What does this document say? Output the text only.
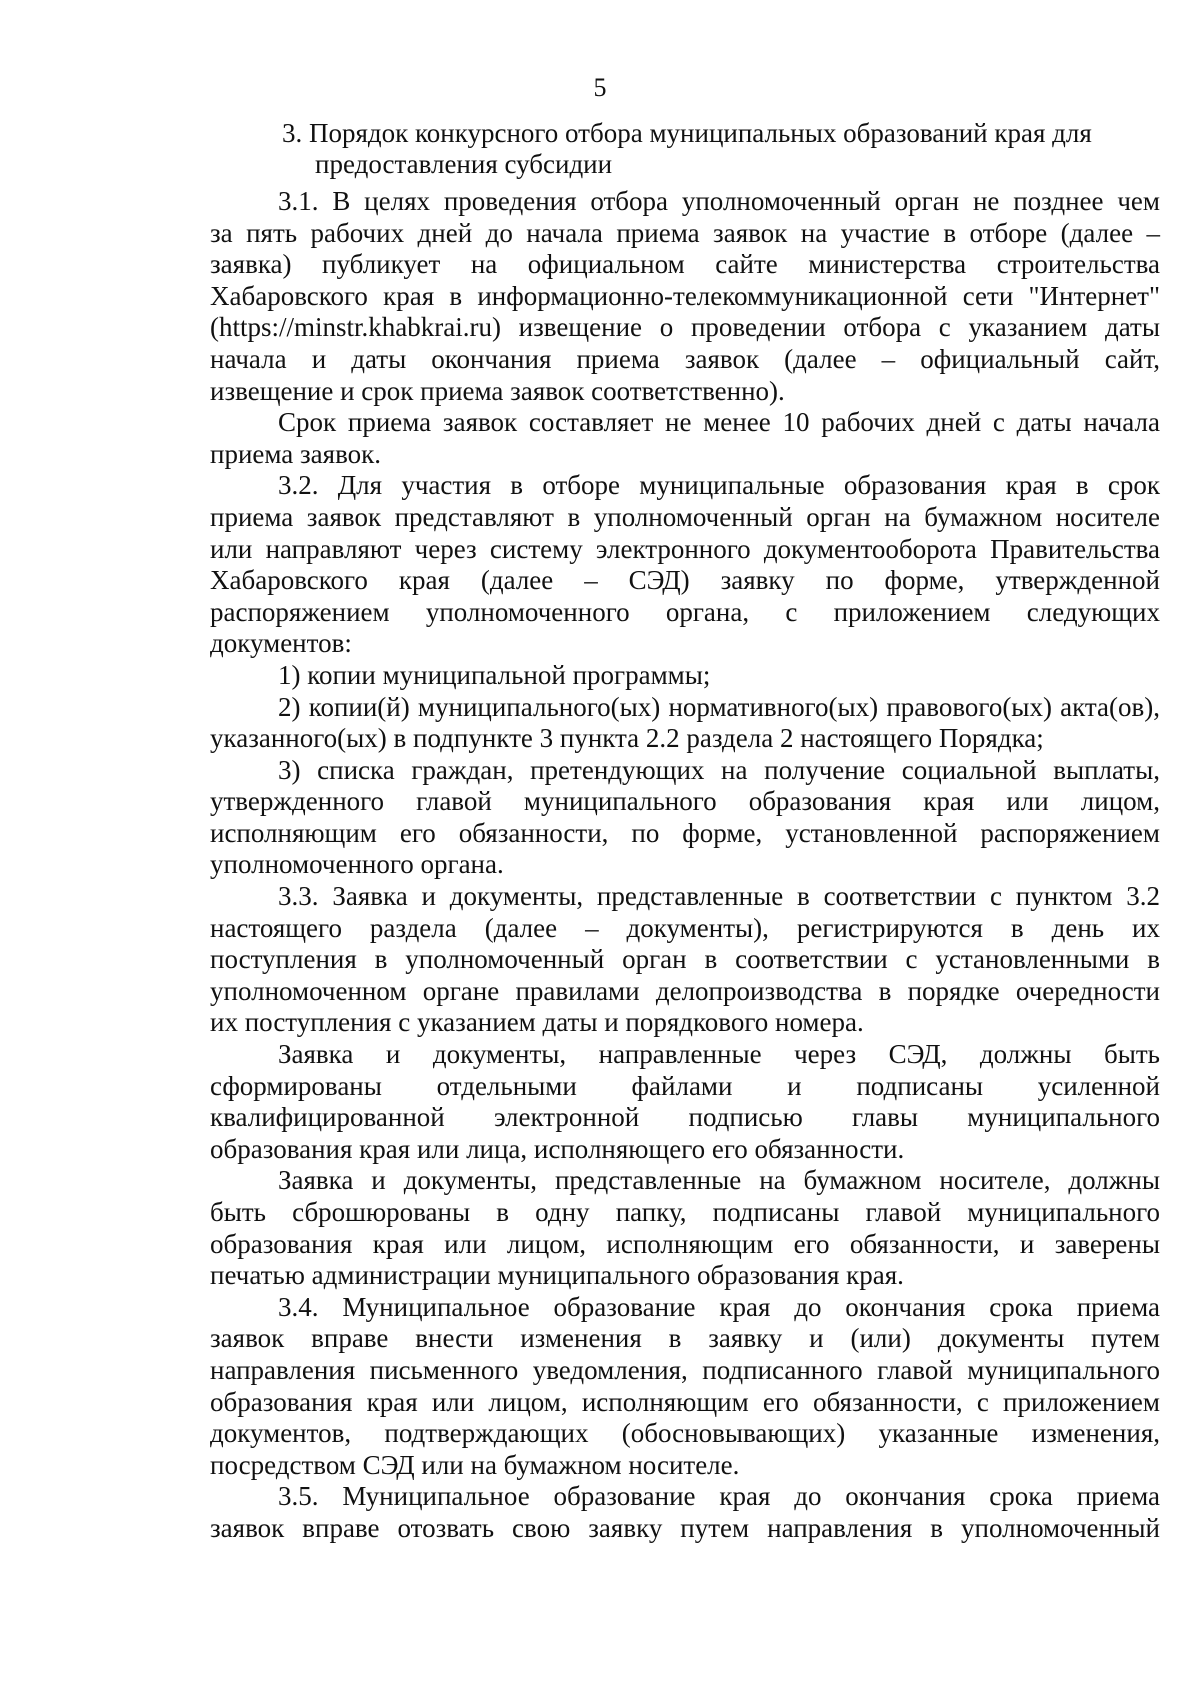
5
3. Порядок конкурсного отбора муниципальных образований края для
предоставления субсидии
3.1. В целях проведения отбора уполномоченный орган не позднее чем
за пять рабочих дней до начала приема заявок на участие в отборе (далее –
заявка) публикует на официальном сайте министерства строительства
Хабаровского края в информационно-телекоммуникационной сети "Интернет"
(https://minstr.khabkrai.ru) извещение о проведении отбора с указанием даты
начала и даты окончания приема заявок (далее – официальный сайт,
извещение и срок приема заявок соответственно).
Срок приема заявок составляет не менее 10 рабочих дней с даты начала
приема заявок.
3.2. Для участия в отборе муниципальные образования края в срок
приема заявок представляют в уполномоченный орган на бумажном носителе
или направляют через систему электронного документооборота Правительства
Хабаровского края (далее – СЭД) заявку по форме, утвержденной
распоряжением уполномоченного органа, с приложением следующих
документов:
1) копии муниципальной программы;
2) копии(й) муниципального(ых) нормативного(ых) правового(ых) акта(ов),
указанного(ых) в подпункте 3 пункта 2.2 раздела 2 настоящего Порядка;
3) списка граждан, претендующих на получение социальной выплаты,
утвержденного главой муниципального образования края или лицом,
исполняющим его обязанности, по форме, установленной распоряжением
уполномоченного органа.
3.3. Заявка и документы, представленные в соответствии с пунктом 3.2
настоящего раздела (далее – документы), регистрируются в день их
поступления в уполномоченный орган в соответствии с установленными в
уполномоченном органе правилами делопроизводства в порядке очередности
их поступления с указанием даты и порядкового номера.
Заявка и документы, направленные через СЭД, должны быть
сформированы отдельными файлами и подписаны усиленной
квалифицированной электронной подписью главы муниципального
образования края или лица, исполняющего его обязанности.
Заявка и документы, представленные на бумажном носителе, должны
быть сброшюрованы в одну папку, подписаны главой муниципального
образования края или лицом, исполняющим его обязанности, и заверены
печатью администрации муниципального образования края.
3.4. Муниципальное образование края до окончания срока приема
заявок вправе внести изменения в заявку и (или) документы путем
направления письменного уведомления, подписанного главой муниципального
образования края или лицом, исполняющим его обязанности, с приложением
документов, подтверждающих (обосновывающих) указанные изменения,
посредством СЭД или на бумажном носителе.
3.5. Муниципальное образование края до окончания срока приема
заявок вправе отозвать свою заявку путем направления в уполномоченный
